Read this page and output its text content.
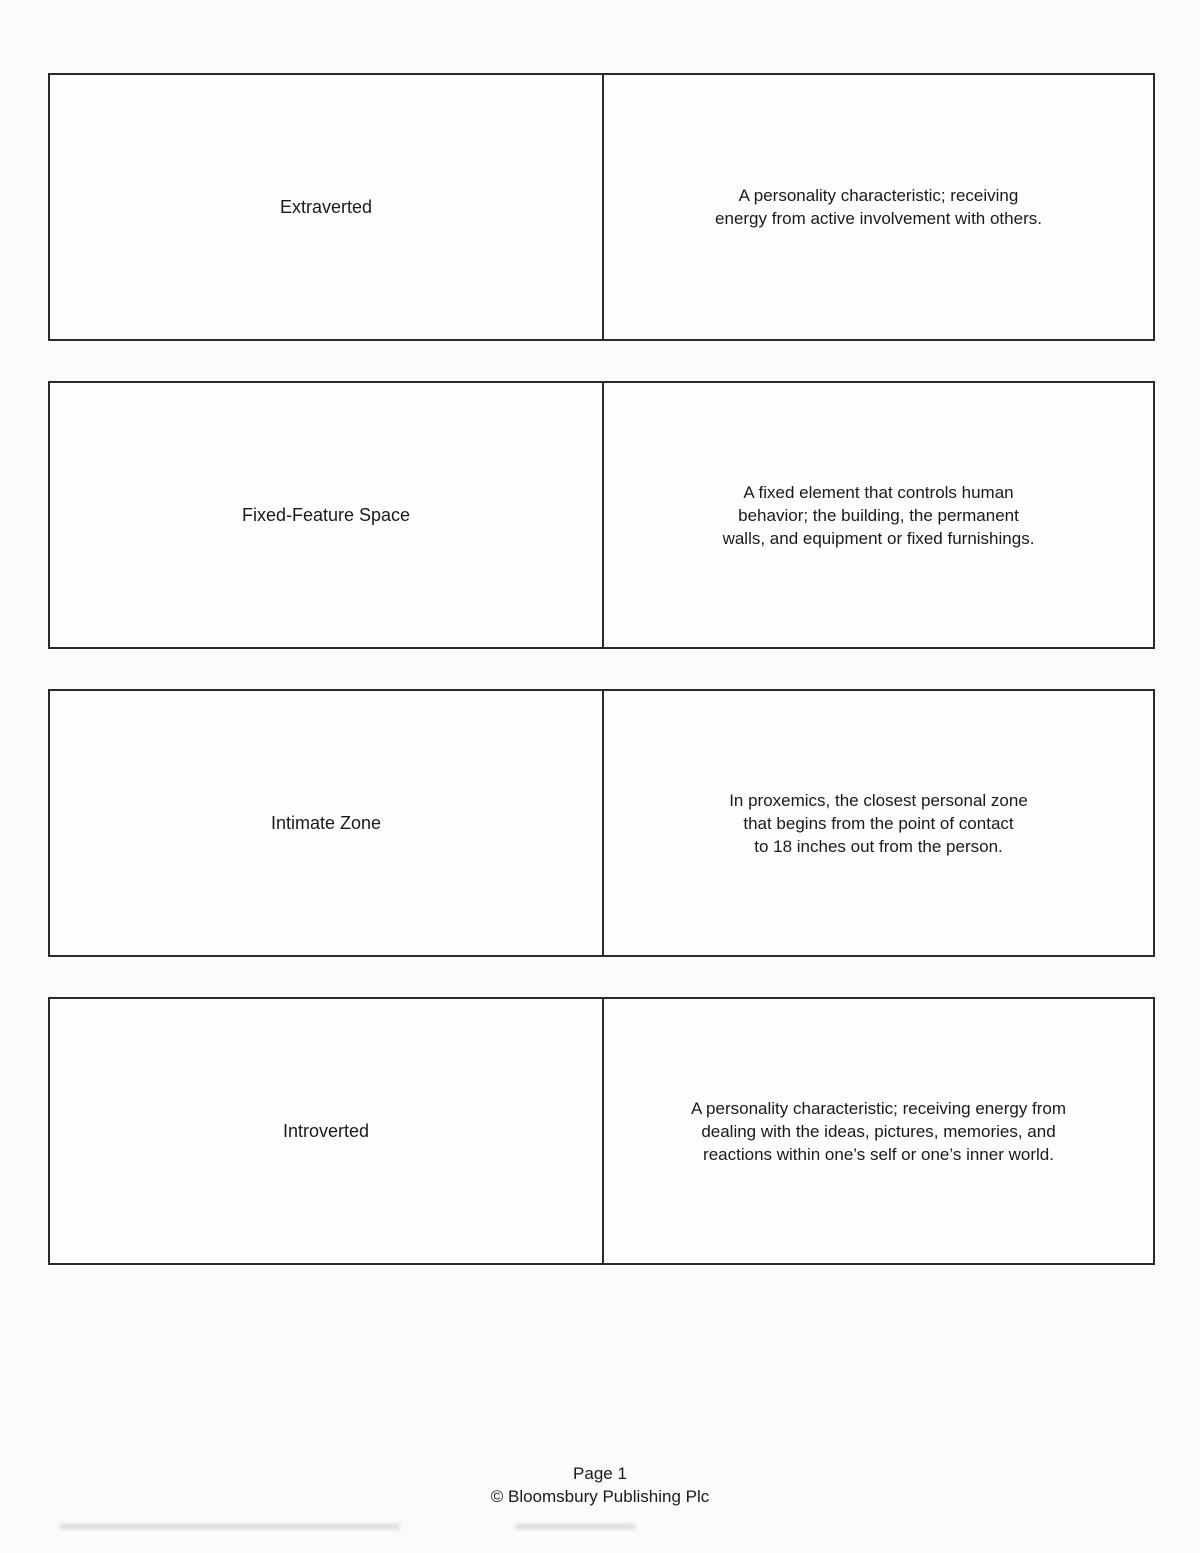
Extraverted
A personality characteristic; receiving
energy from active involvement with others.
Fixed-Feature Space
A fixed element that controls human
behavior; the building, the permanent
walls, and equipment or fixed furnishings.
Intimate Zone
In proxemics, the closest personal zone
that begins from the point of contact
to 18 inches out from the person.
Introverted
A personality characteristic; receiving energy from
dealing with the ideas, pictures, memories, and
reactions within one’s self or one’s inner world.
Page 1
© Bloomsbury Publishing Plc
